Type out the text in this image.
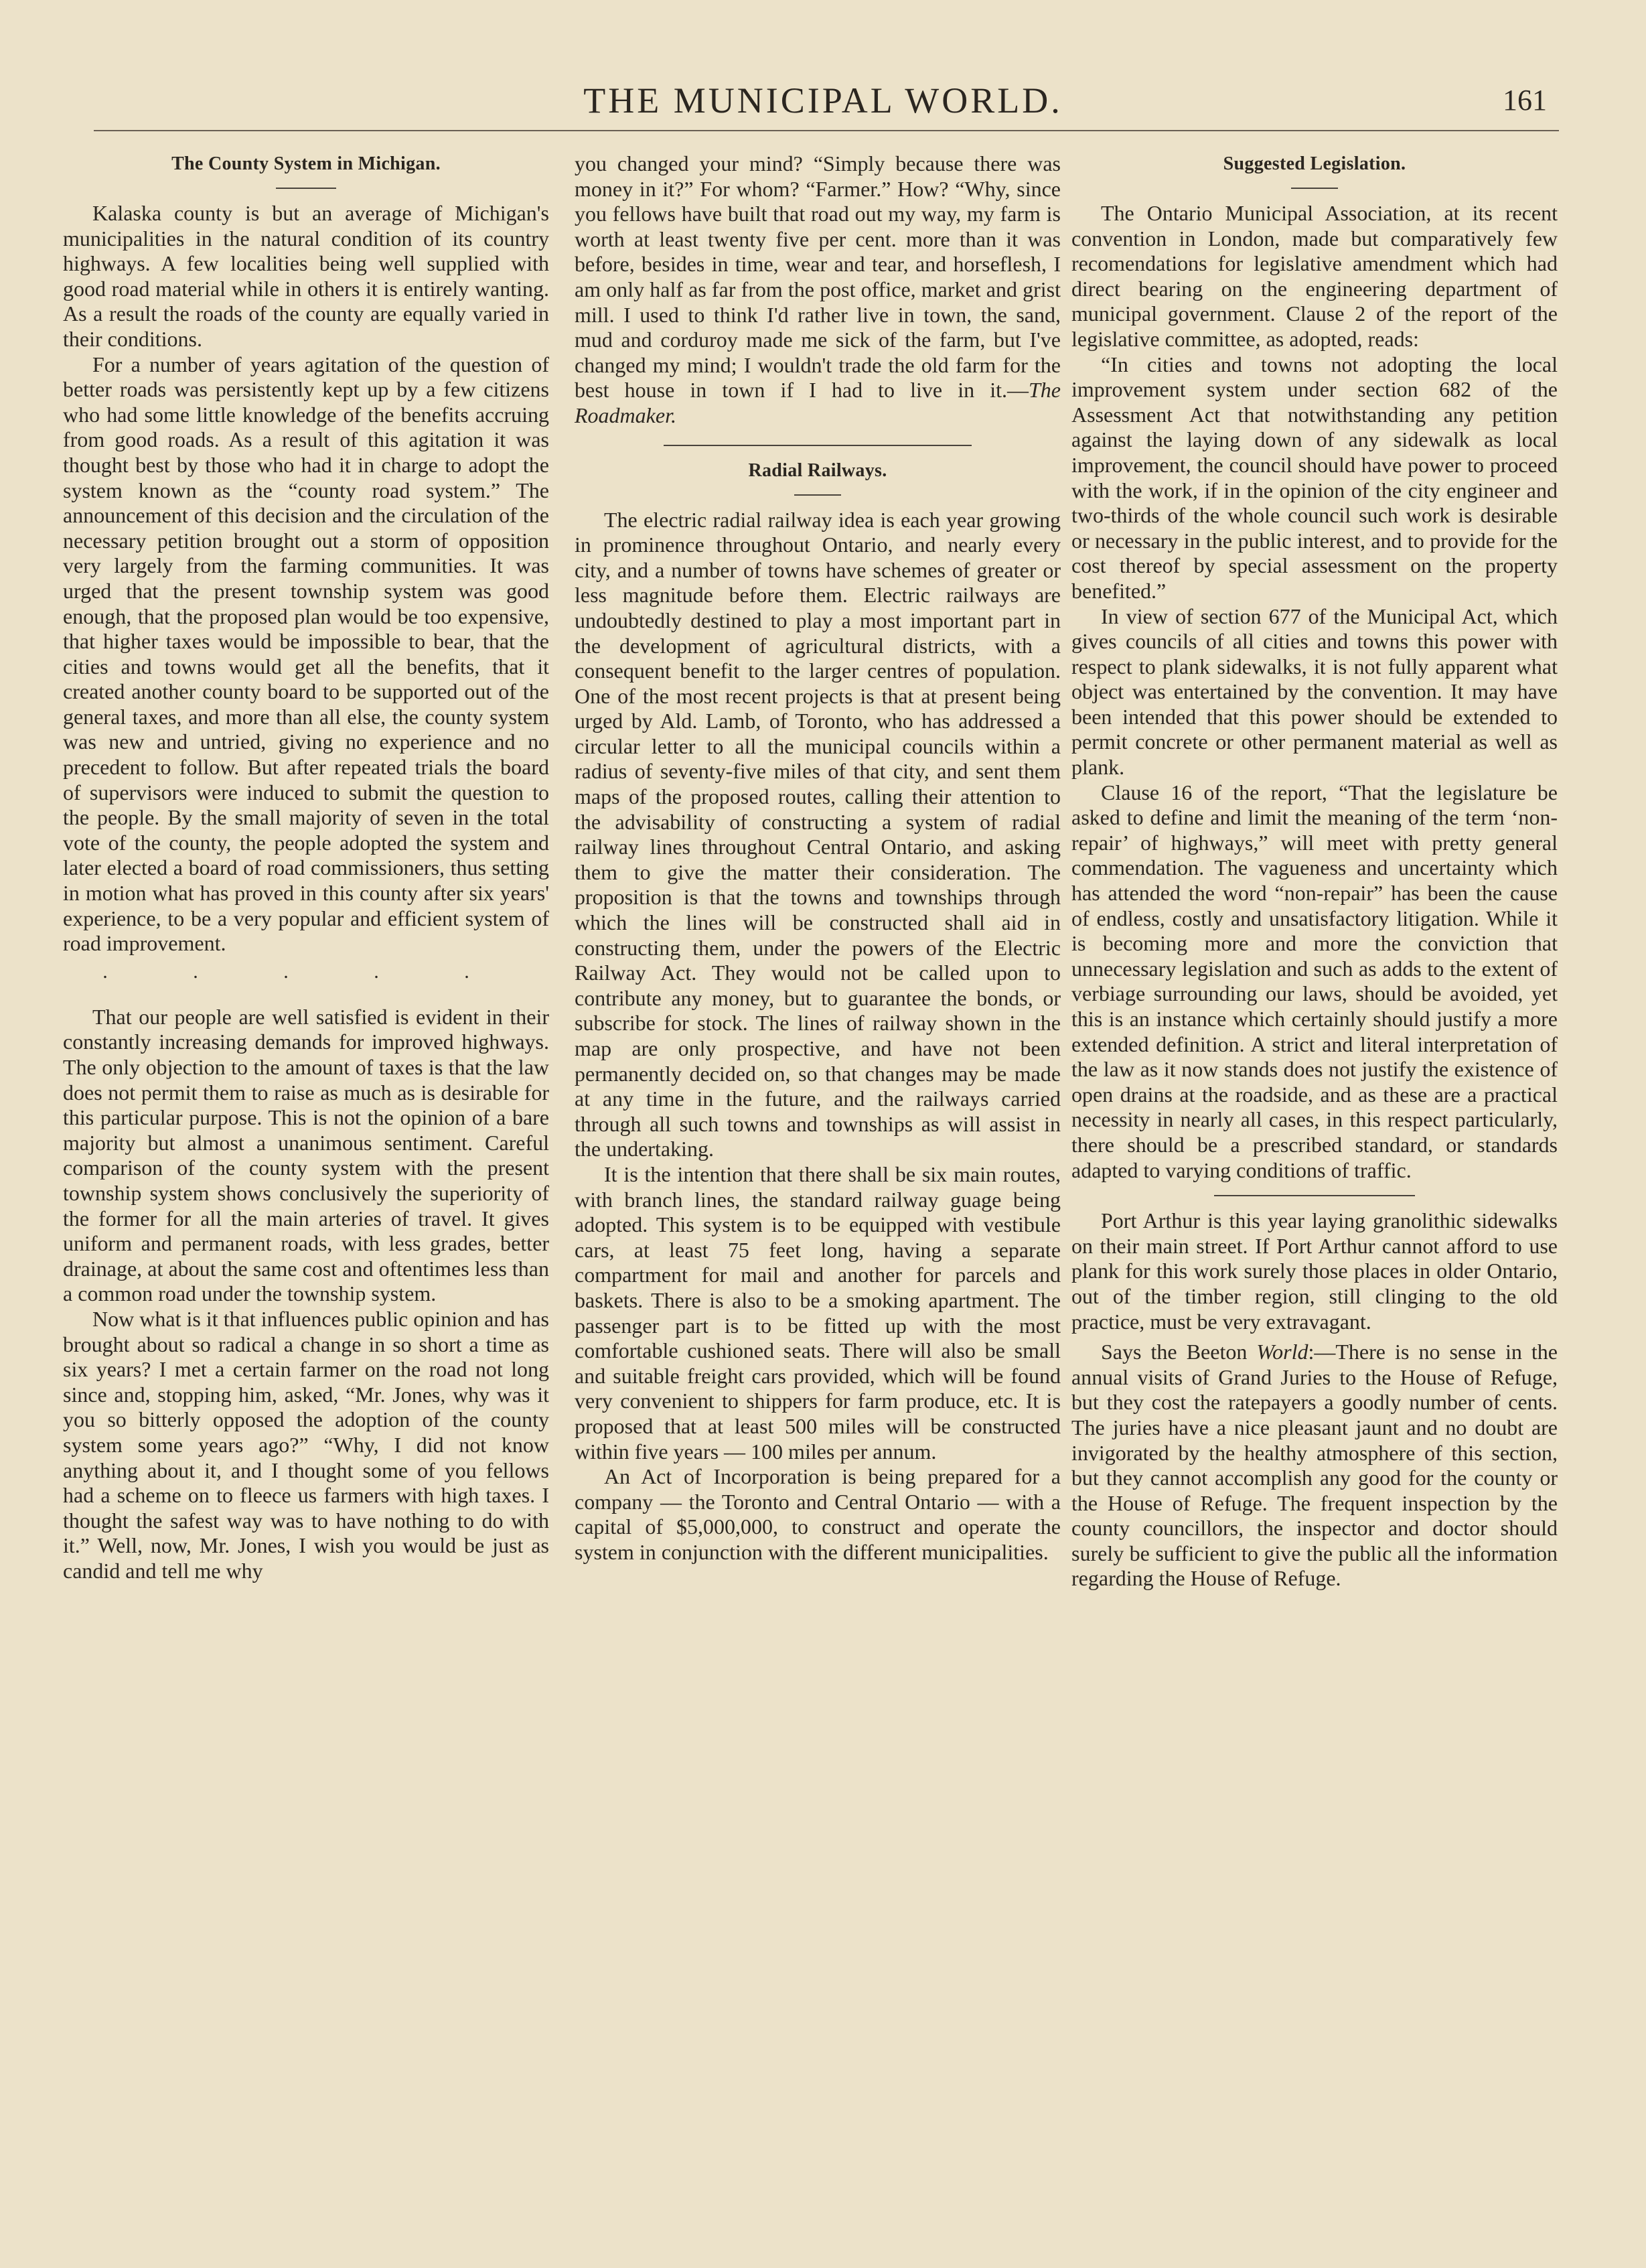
THE MUNICIPAL WORLD.	161
The County System in Michigan.

Kalaska county is but an average of Michigan's municipalities in the natural condition of its country highways. A few localities being well supplied with good road material while in others it is entirely wanting. As a result the roads of the county are equally varied in their conditions.

For a number of years agitation of the question of better roads was persistently kept up by a few citizens who had some little knowledge of the benefits accruing from good roads. As a result of this agitation it was thought best by those who had it in charge to adopt the system known as the “county road system.” The announcement of this decision and the circulation of the necessary petition brought out a storm of opposition very largely from the farming communities. It was urged that the present township system was good enough, that the proposed plan would be too expensive, that higher taxes would be impossible to bear, that the cities and towns would get all the benefits, that it created another county board to be supported out of the general taxes, and more than all else, the county system was new and untried, giving no experience and no precedent to follow. But after repeated trials the board of supervisors were induced to submit the question to the people. By the small majority of seven in the total vote of the county, the people adopted the system and later elected a board of road commissioners, thus setting in motion what has proved in this county after six years' experience, to be a very popular and efficient system of road improvement.

. . . . .

That our people are well satisfied is evident in their constantly increasing demands for improved highways. The only objection to the amount of taxes is that the law does not permit them to raise as much as is desirable for this particular purpose. This is not the opinion of a bare majority but almost a unanimous sentiment. Careful comparison of the county system with the present township system shows conclusively the superiority of the former for all the main arteries of travel. It gives uniform and permanent roads, with less grades, better drainage, at about the same cost and oftentimes less than a common road under the township system.

Now what is it that influences public opinion and has brought about so radical a change in so short a time as six years? I met a certain farmer on the road not long since and, stopping him, asked, “Mr. Jones, why was it you so bitterly opposed the adoption of the county system some years ago?” “Why, I did not know anything about it, and I thought some of you fellows had a scheme on to fleece us farmers with high taxes. I thought the safest way was to have nothing to do with it.” Well, now, Mr. Jones, I wish you would be just as candid and tell me why

you changed your mind? “Simply because there was money in it?” For whom? “Farmer.” How? “Why, since you fellows have built that road out my way, my farm is worth at least twenty five per cent. more than it was before, besides in time, wear and tear, and horseflesh, I am only half as far from the post office, market and grist mill. I used to think I'd rather live in town, the sand, mud and corduroy made me sick of the farm, but I've changed my mind; I wouldn't trade the old farm for the best house in town if I had to live in it.—The Roadmaker.

Radial Railways.

The electric radial railway idea is each year growing in prominence throughout Ontario, and nearly every city, and a number of towns have schemes of greater or less magnitude before them. Electric railways are undoubtedly destined to play a most important part in the development of agricultural districts, with a consequent benefit to the larger centres of population. One of the most recent projects is that at present being urged by Ald. Lamb, of Toronto, who has addressed a circular letter to all the municipal councils within a radius of seventy-five miles of that city, and sent them maps of the proposed routes, calling their attention to the advisability of constructing a system of radial railway lines throughout Central Ontario, and asking them to give the matter their consideration. The proposition is that the towns and townships through which the lines will be constructed shall aid in constructing them, under the powers of the Electric Railway Act. They would not be called upon to contribute any money, but to guarantee the bonds, or subscribe for stock. The lines of railway shown in the map are only prospective, and have not been permanently decided on, so that changes may be made at any time in the future, and the railways carried through all such towns and townships as will assist in the undertaking.

It is the intention that there shall be six main routes, with branch lines, the standard railway guage being adopted. This system is to be equipped with vestibule cars, at least 75 feet long, having a separate compartment for mail and another for parcels and baskets. There is also to be a smoking apartment. The passenger part is to be fitted up with the most comfortable cushioned seats. There will also be small and suitable freight cars provided, which will be found very convenient to shippers for farm produce, etc. It is proposed that at least 500 miles will be constructed within five years — 100 miles per annum.

An Act of Incorporation is being prepared for a company — the Toronto and Central Ontario — with a capital of $5,000,000, to construct and operate the system in conjunction with the different municipalities.

Suggested Legislation.

The Ontario Municipal Association, at its recent convention in London, made but comparatively few recomendations for legislative amendment which had direct bearing on the engineering department of municipal government. Clause 2 of the report of the legislative committee, as adopted, reads:

“In cities and towns not adopting the local improvement system under section 682 of the Assessment Act that notwithstanding any petition against the laying down of any sidewalk as local improvement, the council should have power to proceed with the work, if in the opinion of the city engineer and two-thirds of the whole council such work is desirable or necessary in the public interest, and to provide for the cost thereof by special assessment on the property benefited.”

In view of section 677 of the Municipal Act, which gives councils of all cities and towns this power with respect to plank sidewalks, it is not fully apparent what object was entertained by the convention. It may have been intended that this power should be extended to permit concrete or other permanent material as well as plank.

Clause 16 of the report, “That the legislature be asked to define and limit the meaning of the term ‘non-repair’ of highways,” will meet with pretty general commendation. The vagueness and uncertainty which has attended the word “non-repair” has been the cause of endless, costly and unsatisfactory litigation. While it is becoming more and more the conviction that unnecessary legislation and such as adds to the extent of verbiage surrounding our laws, should be avoided, yet this is an instance which certainly should justify a more extended definition. A strict and literal interpretation of the law as it now stands does not justify the existence of open drains at the roadside, and as these are a practical necessity in nearly all cases, in this respect particularly, there should be a prescribed standard, or standards adapted to varying conditions of traffic.

Port Arthur is this year laying granolithic sidewalks on their main street. If Port Arthur cannot afford to use plank for this work surely those places in older Ontario, out of the timber region, still clinging to the old practice, must be very extravagant.

Says the Beeton World:—There is no sense in the annual visits of Grand Juries to the House of Refuge, but they cost the ratepayers a goodly number of cents. The juries have a nice pleasant jaunt and no doubt are invigorated by the healthy atmosphere of this section, but they cannot accomplish any good for the county or the House of Refuge. The frequent inspection by the county councillors, the inspector and doctor should surely be sufficient to give the public all the information regarding the House of Refuge.
